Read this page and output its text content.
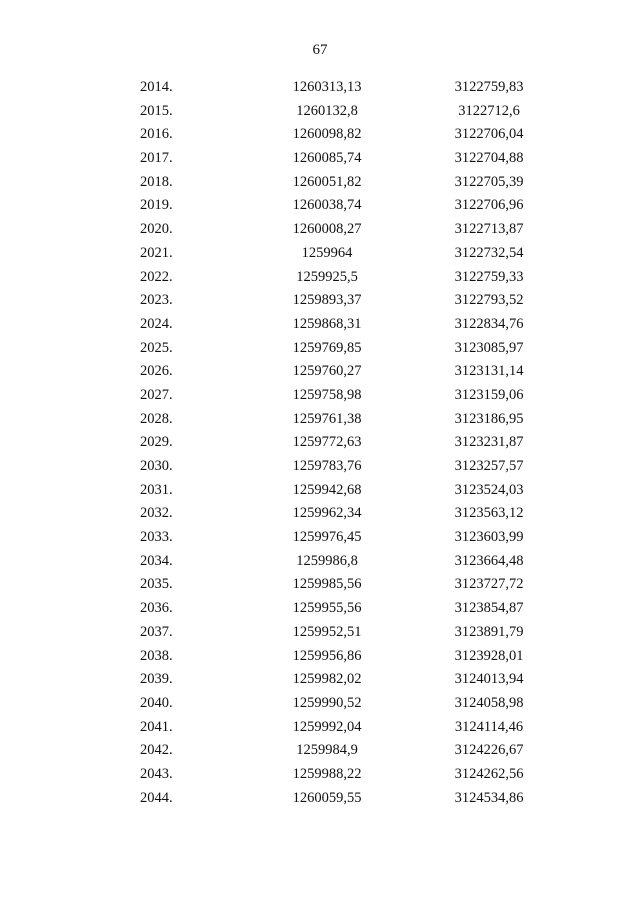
67
2014.	1260313,13	3122759,83
2015.	1260132,8	3122712,6
2016.	1260098,82	3122706,04
2017.	1260085,74	3122704,88
2018.	1260051,82	3122705,39
2019.	1260038,74	3122706,96
2020.	1260008,27	3122713,87
2021.	1259964	3122732,54
2022.	1259925,5	3122759,33
2023.	1259893,37	3122793,52
2024.	1259868,31	3122834,76
2025.	1259769,85	3123085,97
2026.	1259760,27	3123131,14
2027.	1259758,98	3123159,06
2028.	1259761,38	3123186,95
2029.	1259772,63	3123231,87
2030.	1259783,76	3123257,57
2031.	1259942,68	3123524,03
2032.	1259962,34	3123563,12
2033.	1259976,45	3123603,99
2034.	1259986,8	3123664,48
2035.	1259985,56	3123727,72
2036.	1259955,56	3123854,87
2037.	1259952,51	3123891,79
2038.	1259956,86	3123928,01
2039.	1259982,02	3124013,94
2040.	1259990,52	3124058,98
2041.	1259992,04	3124114,46
2042.	1259984,9	3124226,67
2043.	1259988,22	3124262,56
2044.	1260059,55	3124534,86
